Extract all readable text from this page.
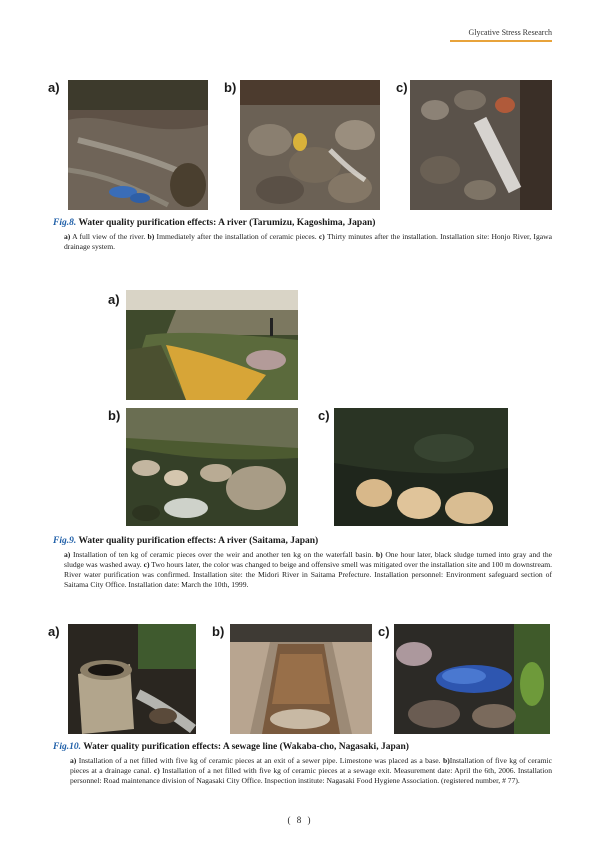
Glycative Stress Research
a)	b)	c)
Fig.8. Water quality purification effects: A river (Tarumizu, Kagoshima, Japan)
a) A full view of the river. b) Immediately after the installation of ceramic pieces. c) Thirty minutes after the installation. Installation site: Honjo River, Igawa drainage system.
a)
b)	c)
Fig.9. Water quality purification effects: A river (Saitama, Japan)
a) Installation of ten kg of ceramic pieces over the weir and another ten kg on the waterfall basin. b) One hour later, black sludge turned into gray and the sludge was washed away. c) Two hours later, the color was changed to beige and offensive smell was mitigated over the installation site and 100 m downstream. River water purification was confirmed. Installation site: the Midori River in Saitama Prefecture. Installation personnel: Environment safeguard section of Saitama City Office. Installation date: March the 10th, 1999.
a)	b)	c)
Fig.10. Water quality purification effects: A sewage line (Wakaba-cho, Nagasaki, Japan)
a) Installation of a net filled with five kg of ceramic pieces at an exit of a sewer pipe. Limestone was placed as a base. b)Installation of five kg of ceramic pieces at a drainage canal. c) Installation of a net filled with five kg of ceramic pieces at a sewage exit. Measurement date: April the 6th, 2006. Installation personnel: Road maintenance division of Nagasaki City Office. Inspection institute: Nagasaki Food Hygiene Association. (registered number, # 77).
( 8 )
